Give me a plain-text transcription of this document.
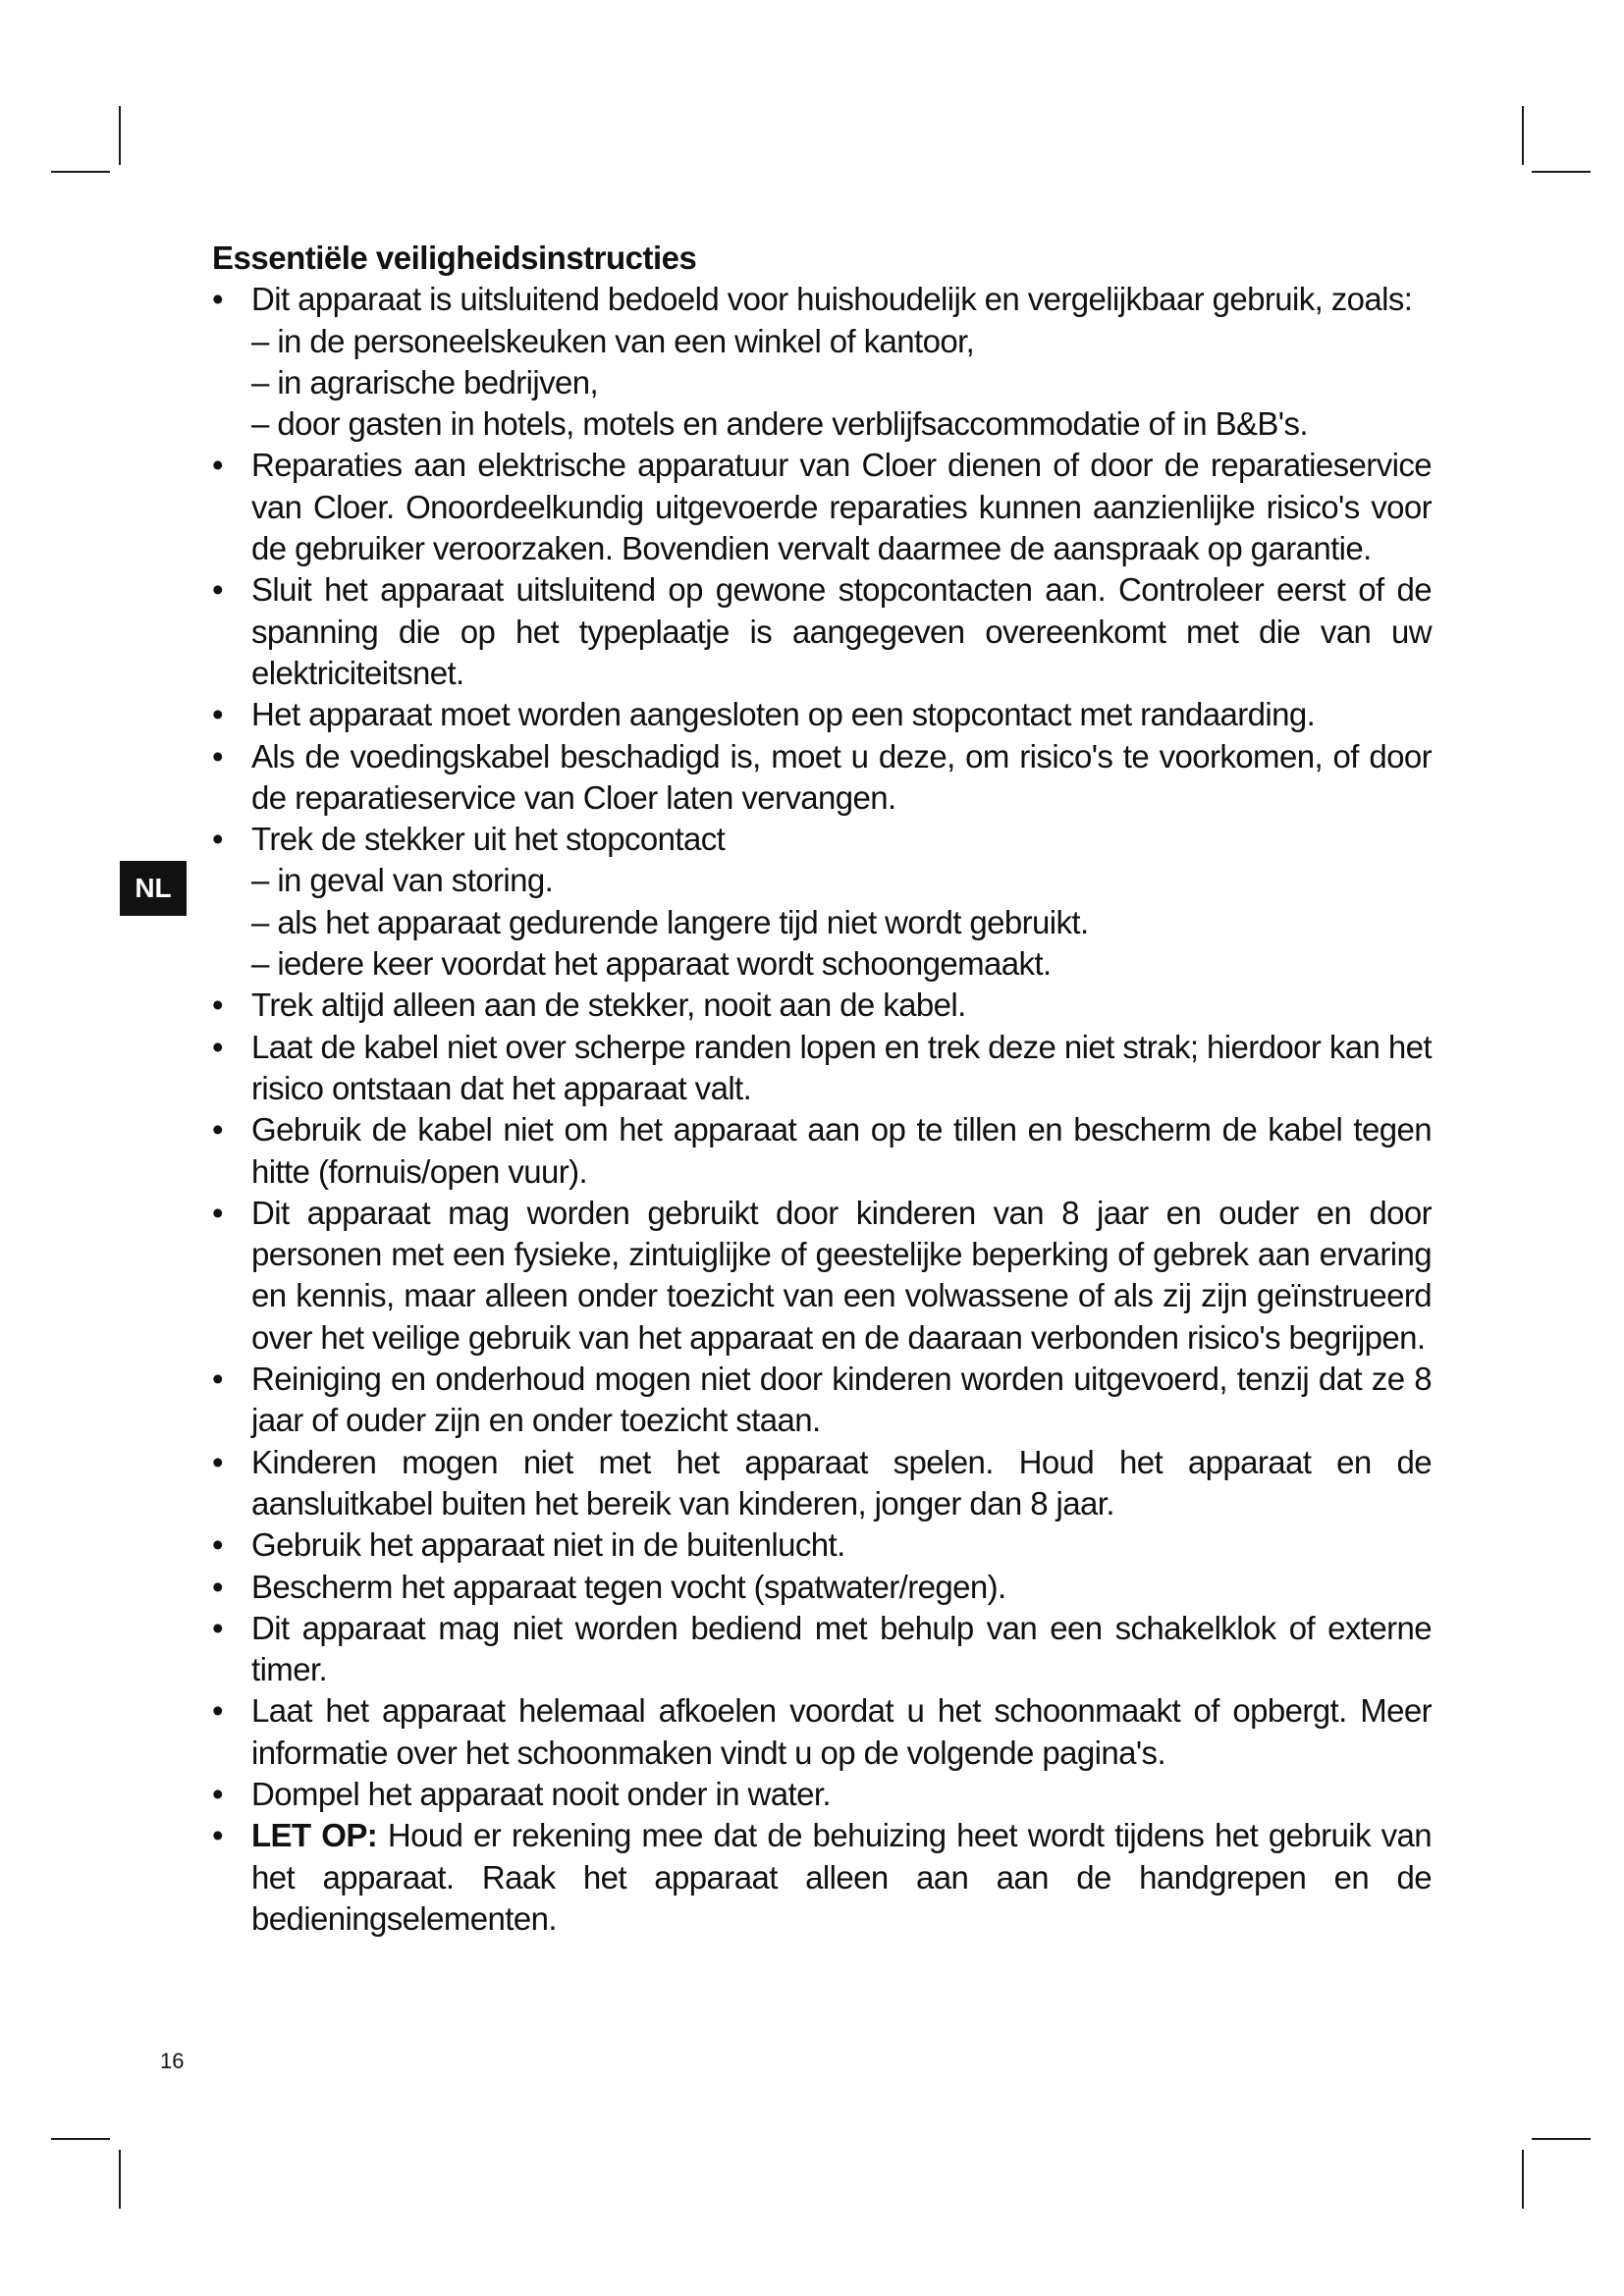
NL
Essentiële veiligheidsinstructies
• Dit apparaat is uitsluitend bedoeld voor huishoudelijk en vergelijkbaar gebruik, zoals:
– in de personeelskeuken van een winkel of kantoor,
– in agrarische bedrijven,
– door gasten in hotels, motels en andere verblijfsaccommodatie of in B&B's.
• Reparaties aan elektrische apparatuur van Cloer dienen of door de reparatieservice van Cloer. Onoordeelkundig uitgevoerde reparaties kunnen aanzienlijke risico's voor de gebruiker veroorzaken. Bovendien vervalt daarmee de aanspraak op garantie.
• Sluit het apparaat uitsluitend op gewone stopcontacten aan. Controleer eerst of de spanning die op het typeplaatje is aangegeven overeenkomt met die van uw elektriciteitsnet.
• Het apparaat moet worden aangesloten op een stopcontact met randaarding.
• Als de voedingskabel beschadigd is, moet u deze, om risico's te voorkomen, of door de reparatieservice van Cloer laten vervangen.
• Trek de stekker uit het stopcontact
– in geval van storing.
– als het apparaat gedurende langere tijd niet wordt gebruikt.
– iedere keer voordat het apparaat wordt schoongemaakt.
• Trek altijd alleen aan de stekker, nooit aan de kabel.
• Laat de kabel niet over scherpe randen lopen en trek deze niet strak; hierdoor kan het risico ontstaan dat het apparaat valt.
• Gebruik de kabel niet om het apparaat aan op te tillen en bescherm de kabel tegen hitte (fornuis/open vuur).
• Dit apparaat mag worden gebruikt door kinderen van 8 jaar en ouder en door personen met een fysieke, zintuiglijke of geestelijke beperking of gebrek aan ervaring en kennis, maar alleen onder toezicht van een volwassene of als zij zijn geïnstrueerd over het veilige gebruik van het apparaat en de daaraan verbonden risico's begrijpen.
• Reiniging en onderhoud mogen niet door kinderen worden uitgevoerd, tenzij dat ze 8 jaar of ouder zijn en onder toezicht staan.
• Kinderen mogen niet met het apparaat spelen. Houd het apparaat en de aansluitkabel buiten het bereik van kinderen, jonger dan 8 jaar.
• Gebruik het apparaat niet in de buitenlucht.
• Bescherm het apparaat tegen vocht (spatwater/regen).
• Dit apparaat mag niet worden bediend met behulp van een schakelklok of externe timer.
• Laat het apparaat helemaal afkoelen voordat u het schoonmaakt of opbergt. Meer informatie over het schoonmaken vindt u op de volgende pagina's.
• Dompel het apparaat nooit onder in water.
• LET OP: Houd er rekening mee dat de behuizing heet wordt tijdens het gebruik van het apparaat. Raak het apparaat alleen aan aan de handgrepen en de bedieningselementen.
16
